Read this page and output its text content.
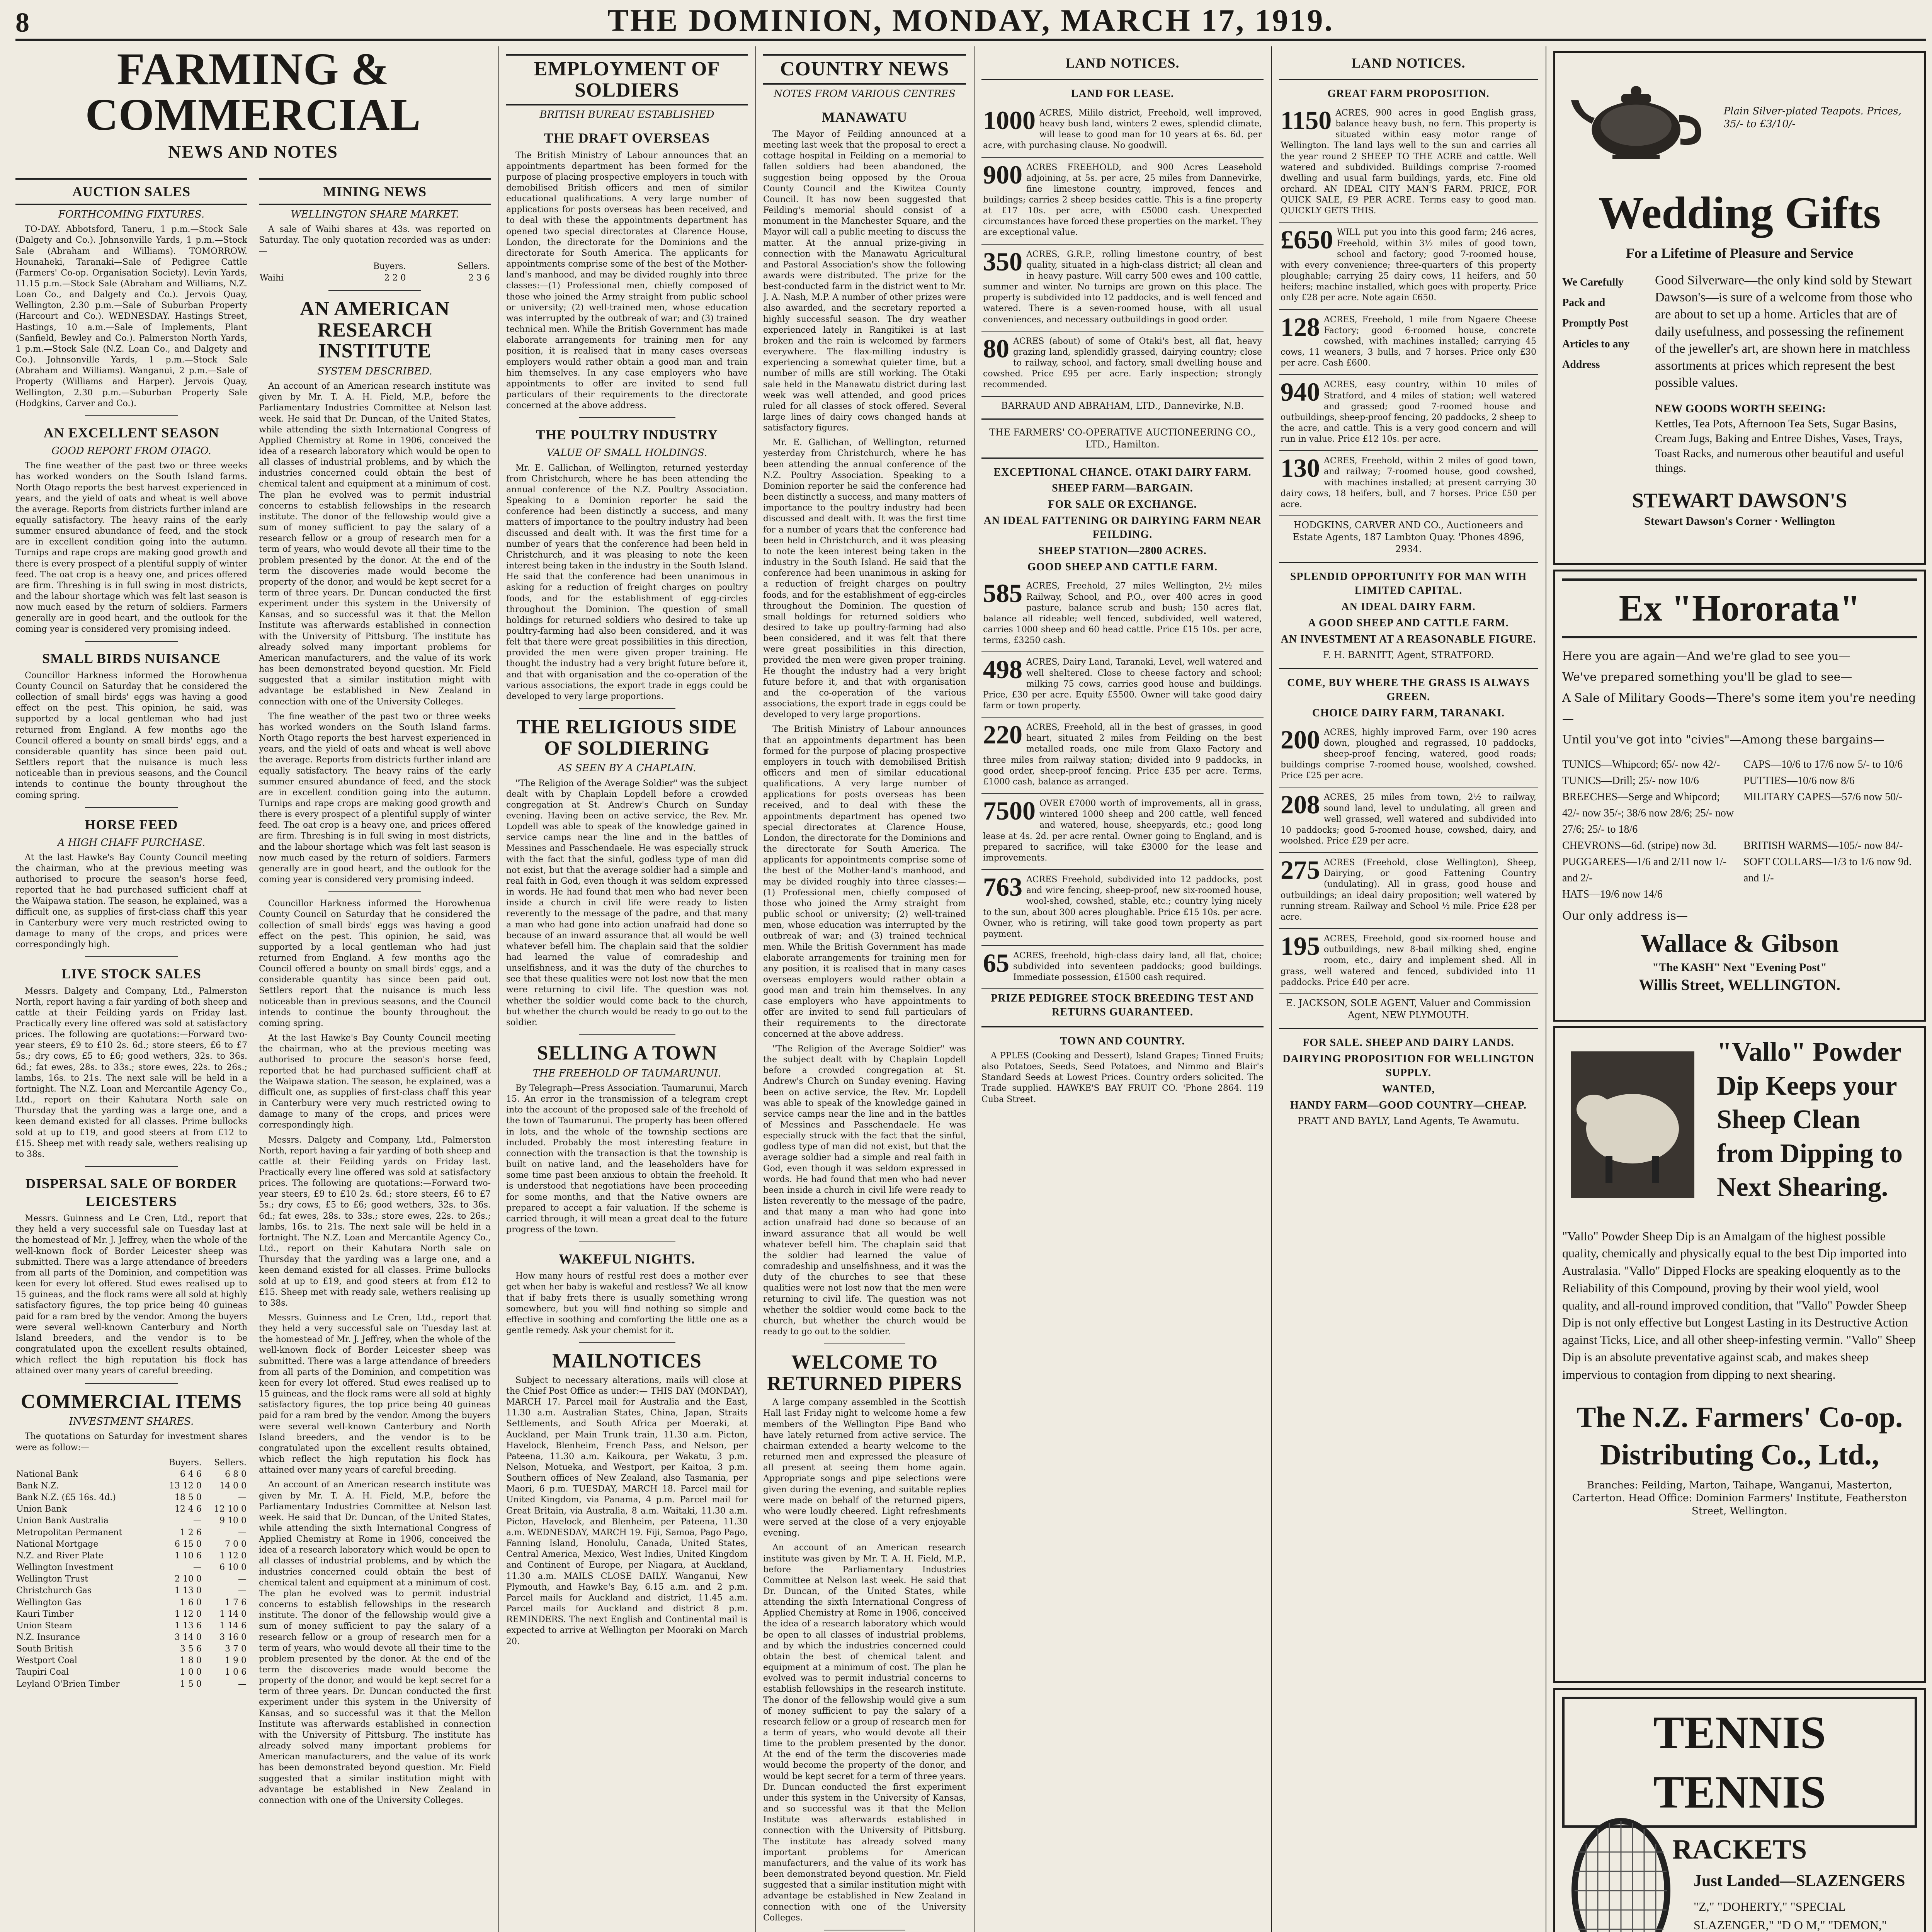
8	THE DOMINION, MONDAY, MARCH 17, 1919.
FARMING & COMMERCIAL
NEWS AND NOTES
AUCTION SALES
FORTHCOMING FIXTURES.

TO-DAY. Abbotsford, Taneru, 1 p.m.—Stock Sale (Dalgety and Co.). Johnsonville Yards, 1 p.m.—Stock Sale (Abraham and Williams). TOMORROW. Hounaheki, Taranaki—Sale of Pedigree Cattle (Farmers' Co-op. Organisation Society). Levin Yards, 11.15 p.m.—Stock Sale (Abraham and Williams, N.Z. Loan Co., and Dalgety and Co.). Jervois Quay, Wellington, 2.30 p.m.—Sale of Suburban Property (Harcourt and Co.). WEDNESDAY. Hastings Street, Hastings, 10 a.m.—Sale of Implements, Plant (Sanfield, Bewley and Co.). Palmerston North Yards, 1 p.m.—Stock Sale (N.Z. Loan Co., and Dalgety and Co.). Johnsonville Yards, 1 p.m.—Stock Sale (Abraham and Williams). Wanganui, 2 p.m.—Sale of Property (Williams and Harper). Jervois Quay, Wellington, 2.30 p.m.—Suburban Property Sale (Hodgkins, Carver and Co.).

AN EXCELLENT SEASON
GOOD REPORT FROM OTAGO.

The fine weather of the past two or three weeks has worked wonders on the South Island farms. North Otago reports the best harvest experienced in years, and the yield of oats and wheat is well above the average. Reports from districts further inland are equally satisfactory. The heavy rains of the early summer ensured abundance of feed, and the stock are in excellent condition going into the autumn. Turnips and rape crops are making good growth and there is every prospect of a plentiful supply of winter feed. The oat crop is a heavy one, and prices offered are firm. Threshing is in full swing in most districts, and the labour shortage which was felt last season is now much eased by the return of soldiers. Farmers generally are in good heart, and the outlook for the coming year is considered very promising indeed.

SMALL BIRDS NUISANCE

Councillor Harkness informed the Horowhenua County Council on Saturday that he considered the collection of small birds' eggs was having a good effect on the pest. This opinion, he said, was supported by a local gentleman who had just returned from England. A few months ago the Council offered a bounty on small birds' eggs, and a considerable quantity has since been paid out. Settlers report that the nuisance is much less noticeable than in previous seasons, and the Council intends to continue the bounty throughout the coming spring.

HORSE FEED
A HIGH CHAFF PURCHASE.

At the last Hawke's Bay County Council meeting the chairman, who at the previous meeting was authorised to procure the season's horse feed, reported that he had purchased sufficient chaff at the Waipawa station. The season, he explained, was a difficult one, as supplies of first-class chaff this year in Canterbury were very much restricted owing to damage to many of the crops, and prices were correspondingly high.

LIVE STOCK SALES

Messrs. Dalgety and Company, Ltd., Palmerston North, report having a fair yarding of both sheep and cattle at their Feilding yards on Friday last. Practically every line offered was sold at satisfactory prices. The following are quotations:—Forward two-year steers, £9 to £10 2s. 6d.; store steers, £6 to £7 5s.; dry cows, £5 to £6; good wethers, 32s. to 36s. 6d.; fat ewes, 28s. to 33s.; store ewes, 22s. to 26s.; lambs, 16s. to 21s. The next sale will be held in a fortnight. The N.Z. Loan and Mercantile Agency Co., Ltd., report on their Kahutara North sale on Thursday that the yarding was a large one, and a keen demand existed for all classes. Prime bullocks sold at up to £19, and good steers at from £12 to £15. Sheep met with ready sale, wethers realising up to 38s.

DISPERSAL SALE OF BORDER LEICESTERS

Messrs. Guinness and Le Cren, Ltd., report that they held a very successful sale on Tuesday last at the homestead of Mr. J. Jeffrey, when the whole of the well-known flock of Border Leicester sheep was submitted. There was a large attendance of breeders from all parts of the Dominion, and competition was keen for every lot offered. Stud ewes realised up to 15 guineas, and the flock rams were all sold at highly satisfactory figures, the top price being 40 guineas paid for a ram bred by the vendor. Among the buyers were several well-known Canterbury and North Island breeders, and the vendor is to be congratulated upon the excellent results obtained, which reflect the high reputation his flock has attained over many years of careful breeding.

COMMERCIAL ITEMS
INVESTMENT SHARES.

The quotations on Saturday for investment shares were as follow:—

	Buyers.	Sellers.
National Bank	6 4 6	6 8 0
Bank N.Z.	13 12 0	14 0 0
Bank N.Z. (£5 16s. 4d.)	18 5 0	—
Union Bank	12 4 6	12 10 0
Union Bank Australia	—	9 10 0
Metropolitan Permanent	1 2 6	—
National Mortgage	6 15 0	7 0 0
N.Z. and River Plate	1 10 6	1 12 0
Wellington Investment	—	6 10 0
Wellington Trust	2 10 0	—
Christchurch Gas	1 13 0	—
Wellington Gas	1 6 0	1 7 6
Kauri Timber	1 12 0	1 14 0
Union Steam	1 13 6	1 14 6
N.Z. Insurance	3 14 0	3 16 0
South British	3 5 6	3 7 0
Westport Coal	1 8 0	1 9 0
Taupiri Coal	1 0 0	1 0 6
Leyland O'Brien Timber	1 5 0	—
MINING NEWS
WELLINGTON SHARE MARKET.

A sale of Waihi shares at 43s. was reported on Saturday. The only quotation recorded was as under:—

	Buyers.	Sellers.
Waihi	2 2 0	2 3 6
AN AMERICAN RESEARCH INSTITUTE
SYSTEM DESCRIBED.

An account of an American research institute was given by Mr. T. A. H. Field, M.P., before the Parliamentary Industries Committee at Nelson last week. He said that Dr. Duncan, of the United States, while attending the sixth International Congress of Applied Chemistry at Rome in 1906, conceived the idea of a research laboratory which would be open to all classes of industrial problems, and by which the industries concerned could obtain the best of chemical talent and equipment at a minimum of cost. The plan he evolved was to permit industrial concerns to establish fellowships in the research institute. The donor of the fellowship would give a sum of money sufficient to pay the salary of a research fellow or a group of research men for a term of years, who would devote all their time to the problem presented by the donor. At the end of the term the discoveries made would become the property of the donor, and would be kept secret for a term of three years. Dr. Duncan conducted the first experiment under this system in the University of Kansas, and so successful was it that the Mellon Institute was afterwards established in connection with the University of Pittsburg. The institute has already solved many important problems for American manufacturers, and the value of its work has been demonstrated beyond question. Mr. Field suggested that a similar institution might with advantage be established in New Zealand in connection with one of the University Colleges.

The fine weather of the past two or three weeks has worked wonders on the South Island farms. North Otago reports the best harvest experienced in years, and the yield of oats and wheat is well above the average. Reports from districts further inland are equally satisfactory. The heavy rains of the early summer ensured abundance of feed, and the stock are in excellent condition going into the autumn. Turnips and rape crops are making good growth and there is every prospect of a plentiful supply of winter feed. The oat crop is a heavy one, and prices offered are firm. Threshing is in full swing in most districts, and the labour shortage which was felt last season is now much eased by the return of soldiers. Farmers generally are in good heart, and the outlook for the coming year is considered very promising indeed.

Councillor Harkness informed the Horowhenua County Council on Saturday that he considered the collection of small birds' eggs was having a good effect on the pest. This opinion, he said, was supported by a local gentleman who had just returned from England. A few months ago the Council offered a bounty on small birds' eggs, and a considerable quantity has since been paid out. Settlers report that the nuisance is much less noticeable than in previous seasons, and the Council intends to continue the bounty throughout the coming spring.

At the last Hawke's Bay County Council meeting the chairman, who at the previous meeting was authorised to procure the season's horse feed, reported that he had purchased sufficient chaff at the Waipawa station. The season, he explained, was a difficult one, as supplies of first-class chaff this year in Canterbury were very much restricted owing to damage to many of the crops, and prices were correspondingly high.

Messrs. Dalgety and Company, Ltd., Palmerston North, report having a fair yarding of both sheep and cattle at their Feilding yards on Friday last. Practically every line offered was sold at satisfactory prices. The following are quotations:—Forward two-year steers, £9 to £10 2s. 6d.; store steers, £6 to £7 5s.; dry cows, £5 to £6; good wethers, 32s. to 36s. 6d.; fat ewes, 28s. to 33s.; store ewes, 22s. to 26s.; lambs, 16s. to 21s. The next sale will be held in a fortnight. The N.Z. Loan and Mercantile Agency Co., Ltd., report on their Kahutara North sale on Thursday that the yarding was a large one, and a keen demand existed for all classes. Prime bullocks sold at up to £19, and good steers at from £12 to £15. Sheep met with ready sale, wethers realising up to 38s.

Messrs. Guinness and Le Cren, Ltd., report that they held a very successful sale on Tuesday last at the homestead of Mr. J. Jeffrey, when the whole of the well-known flock of Border Leicester sheep was submitted. There was a large attendance of breeders from all parts of the Dominion, and competition was keen for every lot offered. Stud ewes realised up to 15 guineas, and the flock rams were all sold at highly satisfactory figures, the top price being 40 guineas paid for a ram bred by the vendor. Among the buyers were several well-known Canterbury and North Island breeders, and the vendor is to be congratulated upon the excellent results obtained, which reflect the high reputation his flock has attained over many years of careful breeding.

An account of an American research institute was given by Mr. T. A. H. Field, M.P., before the Parliamentary Industries Committee at Nelson last week. He said that Dr. Duncan, of the United States, while attending the sixth International Congress of Applied Chemistry at Rome in 1906, conceived the idea of a research laboratory which would be open to all classes of industrial problems, and by which the industries concerned could obtain the best of chemical talent and equipment at a minimum of cost. The plan he evolved was to permit industrial concerns to establish fellowships in the research institute. The donor of the fellowship would give a sum of money sufficient to pay the salary of a research fellow or a group of research men for a term of years, who would devote all their time to the problem presented by the donor. At the end of the term the discoveries made would become the property of the donor, and would be kept secret for a term of three years. Dr. Duncan conducted the first experiment under this system in the University of Kansas, and so successful was it that the Mellon Institute was afterwards established in connection with the University of Pittsburg. The institute has already solved many important problems for American manufacturers, and the value of its work has been demonstrated beyond question. Mr. Field suggested that a similar institution might with advantage be established in New Zealand in connection with one of the University Colleges.

EMPLOYMENT OF SOLDIERS
BRITISH BUREAU ESTABLISHED
THE DRAFT OVERSEAS

The British Ministry of Labour announces that an appointments department has been formed for the purpose of placing prospective employers in touch with demobilised British officers and men of similar educational qualifications. A very large number of applications for posts overseas has been received, and to deal with these the appointments department has opened two special directorates at Clarence House, London, the directorate for the Dominions and the directorate for South America. The applicants for appointments comprise some of the best of the Mother-land's manhood, and may be divided roughly into three classes:—(1) Professional men, chiefly composed of those who joined the Army straight from public school or university; (2) well-trained men, whose education was interrupted by the outbreak of war; and (3) trained technical men. While the British Government has made elaborate arrangements for training men for any position, it is realised that in many cases overseas employers would rather obtain a good man and train him themselves. In any case employers who have appointments to offer are invited to send full particulars of their requirements to the directorate concerned at the above address.

THE POULTRY INDUSTRY
VALUE OF SMALL HOLDINGS.

Mr. E. Gallichan, of Wellington, returned yesterday from Christchurch, where he has been attending the annual conference of the N.Z. Poultry Association. Speaking to a Dominion reporter he said the conference had been distinctly a success, and many matters of importance to the poultry industry had been discussed and dealt with. It was the first time for a number of years that the conference had been held in Christchurch, and it was pleasing to note the keen interest being taken in the industry in the South Island. He said that the conference had been unanimous in asking for a reduction of freight charges on poultry foods, and for the establishment of egg-circles throughout the Dominion. The question of small holdings for returned soldiers who desired to take up poultry-farming had also been considered, and it was felt that there were great possibilities in this direction, provided the men were given proper training. He thought the industry had a very bright future before it, and that with organisation and the co-operation of the various associations, the export trade in eggs could be developed to very large proportions.

THE RELIGIOUS SIDE OF SOLDIERING
AS SEEN BY A CHAPLAIN.

"The Religion of the Average Soldier" was the subject dealt with by Chaplain Lopdell before a crowded congregation at St. Andrew's Church on Sunday evening. Having been on active service, the Rev. Mr. Lopdell was able to speak of the knowledge gained in service camps near the line and in the battles of Messines and Passchendaele. He was especially struck with the fact that the sinful, godless type of man did not exist, but that the average soldier had a simple and real faith in God, even though it was seldom expressed in words. He had found that men who had never been inside a church in civil life were ready to listen reverently to the message of the padre, and that many a man who had gone into action unafraid had done so because of an inward assurance that all would be well whatever befell him. The chaplain said that the soldier had learned the value of comradeship and unselfishness, and it was the duty of the churches to see that these qualities were not lost now that the men were returning to civil life. The question was not whether the soldier would come back to the church, but whether the church would be ready to go out to the soldier.

SELLING A TOWN
THE FREEHOLD OF TAUMARUNUI.

By Telegraph—Press Association. Taumarunui, March 15. An error in the transmission of a telegram crept into the account of the proposed sale of the freehold of the town of Taumarunui. The property has been offered in lots, and the whole of the township sections are included. Probably the most interesting feature in connection with the transaction is that the township is built on native land, and the leaseholders have for some time past been anxious to obtain the freehold. It is understood that negotiations have been proceeding for some months, and that the Native owners are prepared to accept a fair valuation. If the scheme is carried through, it will mean a great deal to the future progress of the town.

WAKEFUL NIGHTS.

How many hours of restful rest does a mother ever get when her baby is wakeful and restless? We all know that if baby frets there is usually something wrong somewhere, but you will find nothing so simple and effective in soothing and comforting the little one as a gentle remedy. Ask your chemist for it.

MAILNOTICES

Subject to necessary alterations, mails will close at the Chief Post Office as under:— THIS DAY (MONDAY), MARCH 17. Parcel mail for Australia and the East, 11.30 a.m. Australian States, China, Japan, Straits Settlements, and South Africa per Moeraki, at Auckland, per Main Trunk train, 11.30 a.m. Picton, Havelock, Blenheim, French Pass, and Nelson, per Pateena, 11.30 a.m. Kaikoura, per Wakatu, 3 p.m. Nelson, Motueka, and Westport, per Kaitoa, 3 p.m. Southern offices of New Zealand, also Tasmania, per Maori, 6 p.m. TUESDAY, MARCH 18. Parcel mail for United Kingdom, via Panama, 4 p.m. Parcel mail for Great Britain, via Australia, 8 a.m. Waitaki, 11.30 a.m. Picton, Havelock, and Blenheim, per Pateena, 11.30 a.m. WEDNESDAY, MARCH 19. Fiji, Samoa, Pago Pago, Fanning Island, Honolulu, Canada, United States, Central America, Mexico, West Indies, United Kingdom and Continent of Europe, per Niagara, at Auckland, 11.30 a.m. MAILS CLOSE DAILY. Wanganui, New Plymouth, and Hawke's Bay, 6.15 a.m. and 2 p.m. Parcel mails for Auckland and district, 11.45 a.m. Parcel mails for Auckland and district 8 p.m. REMINDERS. The next English and Continental mail is expected to arrive at Wellington per Mooraki on March 20.

COUNTRY NEWS
NOTES FROM VARIOUS CENTRES
MANAWATU

The Mayor of Feilding announced at a meeting last week that the proposal to erect a cottage hospital in Feilding on a memorial to fallen soldiers had been abandoned, the suggestion being opposed by the Oroua County Council and the Kiwitea County Council. It has now been suggested that Feilding's memorial should consist of a monument in the Manchester Square, and the Mayor will call a public meeting to discuss the matter. At the annual prize-giving in connection with the Manawatu Agricultural and Pastoral Association's show the following awards were distributed. The prize for the best-conducted farm in the district went to Mr. J. A. Nash, M.P. A number of other prizes were also awarded, and the secretary reported a highly successful season. The dry weather experienced lately in Rangitikei is at last broken and the rain is welcomed by farmers everywhere. The flax-milling industry is experiencing a somewhat quieter time, but a number of mills are still working. The Otaki sale held in the Manawatu district during last week was well attended, and good prices ruled for all classes of stock offered. Several large lines of dairy cows changed hands at satisfactory figures.

Mr. E. Gallichan, of Wellington, returned yesterday from Christchurch, where he has been attending the annual conference of the N.Z. Poultry Association. Speaking to a Dominion reporter he said the conference had been distinctly a success, and many matters of importance to the poultry industry had been discussed and dealt with. It was the first time for a number of years that the conference had been held in Christchurch, and it was pleasing to note the keen interest being taken in the industry in the South Island. He said that the conference had been unanimous in asking for a reduction of freight charges on poultry foods, and for the establishment of egg-circles throughout the Dominion. The question of small holdings for returned soldiers who desired to take up poultry-farming had also been considered, and it was felt that there were great possibilities in this direction, provided the men were given proper training. He thought the industry had a very bright future before it, and that with organisation and the co-operation of the various associations, the export trade in eggs could be developed to very large proportions.

The British Ministry of Labour announces that an appointments department has been formed for the purpose of placing prospective employers in touch with demobilised British officers and men of similar educational qualifications. A very large number of applications for posts overseas has been received, and to deal with these the appointments department has opened two special directorates at Clarence House, London, the directorate for the Dominions and the directorate for South America. The applicants for appointments comprise some of the best of the Mother-land's manhood, and may be divided roughly into three classes:—(1) Professional men, chiefly composed of those who joined the Army straight from public school or university; (2) well-trained men, whose education was interrupted by the outbreak of war; and (3) trained technical men. While the British Government has made elaborate arrangements for training men for any position, it is realised that in many cases overseas employers would rather obtain a good man and train him themselves. In any case employers who have appointments to offer are invited to send full particulars of their requirements to the directorate concerned at the above address.

"The Religion of the Average Soldier" was the subject dealt with by Chaplain Lopdell before a crowded congregation at St. Andrew's Church on Sunday evening. Having been on active service, the Rev. Mr. Lopdell was able to speak of the knowledge gained in service camps near the line and in the battles of Messines and Passchendaele. He was especially struck with the fact that the sinful, godless type of man did not exist, but that the average soldier had a simple and real faith in God, even though it was seldom expressed in words. He had found that men who had never been inside a church in civil life were ready to listen reverently to the message of the padre, and that many a man who had gone into action unafraid had done so because of an inward assurance that all would be well whatever befell him. The chaplain said that the soldier had learned the value of comradeship and unselfishness, and it was the duty of the churches to see that these qualities were not lost now that the men were returning to civil life. The question was not whether the soldier would come back to the church, but whether the church would be ready to go out to the soldier.

WELCOME TO RETURNED PIPERS

A large company assembled in the Scottish Hall last Friday night to welcome home a few members of the Wellington Pipe Band who have lately returned from active service. The chairman extended a hearty welcome to the returned men and expressed the pleasure of all present at seeing them home again. Appropriate songs and pipe selections were given during the evening, and suitable replies were made on behalf of the returned pipers, who were loudly cheered. Light refreshments were served at the close of a very enjoyable evening.

An account of an American research institute was given by Mr. T. A. H. Field, M.P., before the Parliamentary Industries Committee at Nelson last week. He said that Dr. Duncan, of the United States, while attending the sixth International Congress of Applied Chemistry at Rome in 1906, conceived the idea of a research laboratory which would be open to all classes of industrial problems, and by which the industries concerned could obtain the best of chemical talent and equipment at a minimum of cost. The plan he evolved was to permit industrial concerns to establish fellowships in the research institute. The donor of the fellowship would give a sum of money sufficient to pay the salary of a research fellow or a group of research men for a term of years, who would devote all their time to the problem presented by the donor. At the end of the term the discoveries made would become the property of the donor, and would be kept secret for a term of three years. Dr. Duncan conducted the first experiment under this system in the University of Kansas, and so successful was it that the Mellon Institute was afterwards established in connection with the University of Pittsburg. The institute has already solved many important problems for American manufacturers, and the value of its work has been demonstrated beyond question. Mr. Field suggested that a similar institution might with advantage be established in New Zealand in connection with one of the University Colleges.

LAND NOTICES.
LAND FOR LEASE.
1000 ACRES, Mililo district, Freehold, well improved, heavy bush land, winters 2 ewes, splendid climate, will lease to good man for 10 years at 6s. 6d. per acre, with purchasing clause. No goodwill.
900 ACRES FREEHOLD, and 900 Acres Leasehold adjoining, at 5s. per acre, 25 miles from Dannevirke, fine limestone country, improved, fences and buildings; carries 2 sheep besides cattle. This is a fine property at £17 10s. per acre, with £5000 cash. Unexpected circumstances have forced these properties on the market. They are exceptional value.
350 ACRES, G.R.P., rolling limestone country, of best quality, situated in a high-class district; all clean and in heavy pasture. Will carry 500 ewes and 100 cattle, summer and winter. No turnips are grown on this place. The property is subdivided into 12 paddocks, and is well fenced and watered. There is a seven-roomed house, with all usual conveniences, and necessary outbuildings in good order.
80 ACRES (about) of some of Otaki's best, all flat, heavy grazing land, splendidly grassed, dairying country; close to railway, school, and factory, small dwelling house and cowshed. Price £95 per acre. Early inspection; strongly recommended.
BARRAUD AND ABRAHAM, LTD., Dannevirke, N.B.
THE FARMERS' CO-OPERATIVE AUCTIONEERING CO., LTD., Hamilton.
EXCEPTIONAL CHANCE. OTAKI DAIRY FARM.
SHEEP FARM—BARGAIN.
FOR SALE OR EXCHANGE.
AN IDEAL FATTENING OR DAIRYING FARM NEAR FEILDING.
SHEEP STATION—2800 ACRES.
GOOD SHEEP AND CATTLE FARM.
585 ACRES, Freehold, 27 miles Wellington, 2½ miles Railway, School, and P.O., over 400 acres in good pasture, balance scrub and bush; 150 acres flat, balance all rideable; well fenced, subdivided, well watered, carries 1000 sheep and 60 head cattle. Price £15 10s. per acre, terms, £3250 cash.
498 ACRES, Dairy Land, Taranaki, Level, well watered and well sheltered. Close to cheese factory and school; milking 75 cows, carries good house and buildings. Price, £30 per acre. Equity £5500. Owner will take good dairy farm or town property.
220 ACRES, Freehold, all in the best of grasses, in good heart, situated 2 miles from Feilding on the best metalled roads, one mile from Glaxo Factory and three miles from railway station; divided into 9 paddocks, in good order, sheep-proof fencing. Price £35 per acre. Terms, £1000 cash, balance as arranged.
7500 OVER £7000 worth of improvements, all in grass, wintered 1000 sheep and 200 cattle, well fenced and watered, house, sheepyards, etc.; good long lease at 4s. 2d. per acre rental. Owner going to England, and is prepared to sacrifice, will take £3000 for the lease and improvements.
763 ACRES Freehold, subdivided into 12 paddocks, post and wire fencing, sheep-proof, new six-roomed house, wool-shed, cowshed, stable, etc.; country lying nicely to the sun, about 300 acres ploughable. Price £15 10s. per acre. Owner, who is retiring, will take good town property as part payment.
65 ACRES, freehold, high-class dairy land, all flat, choice; subdivided into seventeen paddocks; good buildings. Immediate possession, £1500 cash required.
PRIZE PEDIGREE STOCK BREEDING TEST AND RETURNS GUARANTEED.
TOWN AND COUNTRY.

A PPLES (Cooking and Dessert), Island Grapes; Tinned Fruits; also Potatoes, Seeds, Seed Potatoes, and Nimmo and Blair's Standard Seeds at Lowest Prices. Country orders solicited. The Trade supplied. HAWKE'S BAY FRUIT CO. 'Phone 2864. 119 Cuba Street.

LAND NOTICES.
GREAT FARM PROPOSITION.
1150 ACRES, 900 acres in good English grass, balance heavy bush, no fern. This property is situated within easy motor range of Wellington. The land lays well to the sun and carries all the year round 2 SHEEP TO THE ACRE and cattle. Well watered and subdivided. Buildings comprise 7-roomed dwelling and usual farm buildings, yards, etc. Fine old orchard. AN IDEAL CITY MAN'S FARM. PRICE, FOR QUICK SALE, £9 PER ACRE. Terms easy to good man. QUICKLY GETS THIS.
£650 WILL put you into this good farm; 246 acres, Freehold, within 3½ miles of good town, school and factory; good 7-roomed house, with every convenience; three-quarters of this property ploughable; carrying 25 dairy cows, 11 heifers, and 50 heifers; machine installed, which goes with property. Price only £28 per acre. Note again £650.
128 ACRES, Freehold, 1 mile from Ngaere Cheese Factory; good 6-roomed house, concrete cowshed, with machines installed; carrying 45 cows, 11 weaners, 3 bulls, and 7 horses. Price only £30 per acre. Cash £600.
940 ACRES, easy country, within 10 miles of Stratford, and 4 miles of station; well watered and grassed; good 7-roomed house and outbuildings, sheep-proof fencing, 20 paddocks, 2 sheep to the acre, and cattle. This is a very good concern and will run in value. Price £12 10s. per acre.
130 ACRES, Freehold, within 2 miles of good town, and railway; 7-roomed house, good cowshed, with machines installed; at present carrying 30 dairy cows, 18 heifers, bull, and 7 horses. Price £50 per acre.
HODGKINS, CARVER AND CO., Auctioneers and Estate Agents, 187 Lambton Quay. 'Phones 4896, 2934.
SPLENDID OPPORTUNITY FOR MAN WITH LIMITED CAPITAL.
AN IDEAL DAIRY FARM.
A GOOD SHEEP AND CATTLE FARM.
AN INVESTMENT AT A REASONABLE FIGURE.
F. H. BARNITT, Agent, STRATFORD.
COME, BUY WHERE THE GRASS IS ALWAYS GREEN.
CHOICE DAIRY FARM, TARANAKI.
200 ACRES, highly improved Farm, over 190 acres down, ploughed and regrassed, 10 paddocks, sheep-proof fencing, watered, good roads; buildings comprise 7-roomed house, woolshed, cowshed. Price £25 per acre.
208 ACRES, 25 miles from town, 2½ to railway, sound land, level to undulating, all green and well grassed, well watered and subdivided into 10 paddocks; good 5-roomed house, cowshed, dairy, and woolshed. Price £29 per acre.
275 ACRES (Freehold, close Wellington), Sheep, Dairying, or good Fattening Country (undulating). All in grass, good house and outbuildings; an ideal dairy proposition; well watered by running stream. Railway and School ½ mile. Price £28 per acre.
195 ACRES, Freehold, good six-roomed house and outbuildings, new 8-bail milking shed, engine room, etc., dairy and implement shed. All in grass, well watered and fenced, subdivided into 11 paddocks. Price £40 per acre.
E. JACKSON, SOLE AGENT, Valuer and Commission Agent, NEW PLYMOUTH.
FOR SALE. SHEEP AND DAIRY LANDS.
DAIRYING PROPOSITION FOR WELLINGTON SUPPLY.
WANTED,
HANDY FARM—GOOD COUNTRY—CHEAP.
PRATT AND BAYLY, Land Agents, Te Awamutu.
Plain Silver-plated Teapots. Prices, 35/- to £3/10/-
Wedding Gifts
For a Lifetime of Pleasure and Service
We Carefully
Pack and
Promptly Post
Articles to any
Address
Good Silverware—the only kind sold by Stewart Dawson's—is sure of a welcome from those who are about to set up a home. Articles that are of daily usefulness, and possessing the refinement of the jeweller's art, are shown here in matchless assortments at prices which represent the best possible values.
NEW GOODS WORTH SEEING:
Kettles, Tea Pots, Afternoon Tea Sets, Sugar Basins, Cream Jugs, Baking and Entree Dishes, Vases, Trays, Toast Racks, and numerous other beautiful and useful things.
STEWART DAWSON'S
Stewart Dawson's Corner · Wellington
Ex "Hororata"
Here you are again—And we're glad to see you—
We've prepared something you'll be glad to see—
A Sale of Military Goods—There's some item you're needing—
Until you've got into "civies"—Among these bargains—
TUNICS—Whipcord; 65/- now 42/-	CAPS—10/6 to 17/6 now 5/- to 10/6
TUNICS—Drill; 25/- now 10/6	PUTTIES—10/6 now 8/6
BREECHES—Serge and Whipcord; 42/- now 35/-; 38/6 now 28/6; 25/- now 27/6; 25/- to 18/6
MILITARY CAPES—57/6 now 50/-
CHEVRONS—6d. (stripe) now 3d.	BRITISH WARMS—105/- now 84/-
PUGGAREES—1/6 and 2/11 now 1/- and 2/-
SOFT COLLARS—1/3 to 1/6 now 9d. and 1/-
HATS—19/6 now 14/6
Our only address is—
Wallace & Gibson
"The KASH" Next "Evening Post"
Willis Street, WELLINGTON.
"Vallo" Powder Dip Keeps your Sheep Clean from Dipping to Next Shearing.
"Vallo" Powder Sheep Dip is an Amalgam of the highest possible quality, chemically and physically equal to the best Dip imported into Australasia. "Vallo" Dipped Flocks are speaking eloquently as to the Reliability of this Compound, proving by their wool yield, wool quality, and all-round improved condition, that "Vallo" Powder Sheep Dip is not only effective but Longest Lasting in its Destructive Action against Ticks, Lice, and all other sheep-infesting vermin. "Vallo" Sheep Dip is an absolute preventative against scab, and makes sheep impervious to contagion from dipping to next shearing.
The N.Z. Farmers' Co-op. Distributing Co., Ltd.,
Branches: Feilding, Marton, Taihape, Wanganui, Masterton, Carterton. Head Office: Dominion Farmers' Institute, Featherston Street, Wellington.
TENNIS TENNIS
RACKETS
Just Landed—SLAZENGERS
"Z," "DOHERTY," "SPECIAL SLAZENGER," "D O M," "DEMON,"
